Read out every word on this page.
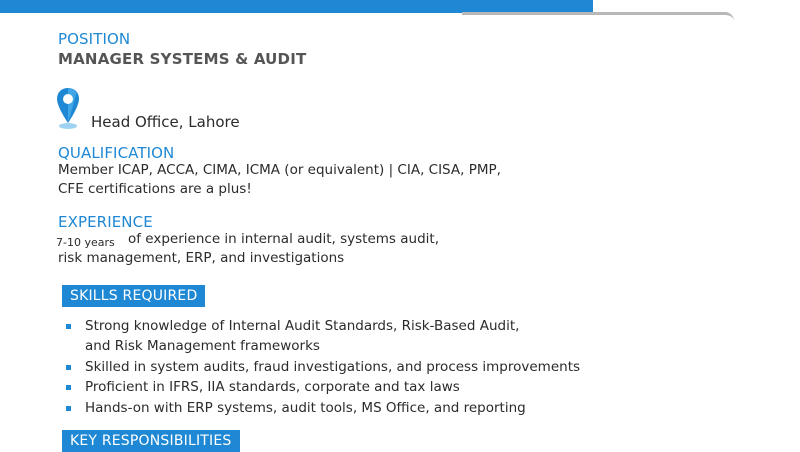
POSITION
MANAGER SYSTEMS & AUDIT
Head Office, Lahore
QUALIFICATION
Member ICAP, ACCA, CIMA, ICMA (or equivalent) | CIA, CISA, PMP,
CFE certifications are a plus!
EXPERIENCE
7-10 years of experience in internal audit, systems audit,
risk management, ERP, and investigations
SKILLS REQUIRED
Strong knowledge of Internal Audit Standards, Risk-Based Audit,
and Risk Management frameworks
Skilled in system audits, fraud investigations, and process improvements
Proficient in IFRS, IIA standards, corporate and tax laws
Hands-on with ERP systems, audit tools, MS Office, and reporting
KEY RESPONSIBILITIES
